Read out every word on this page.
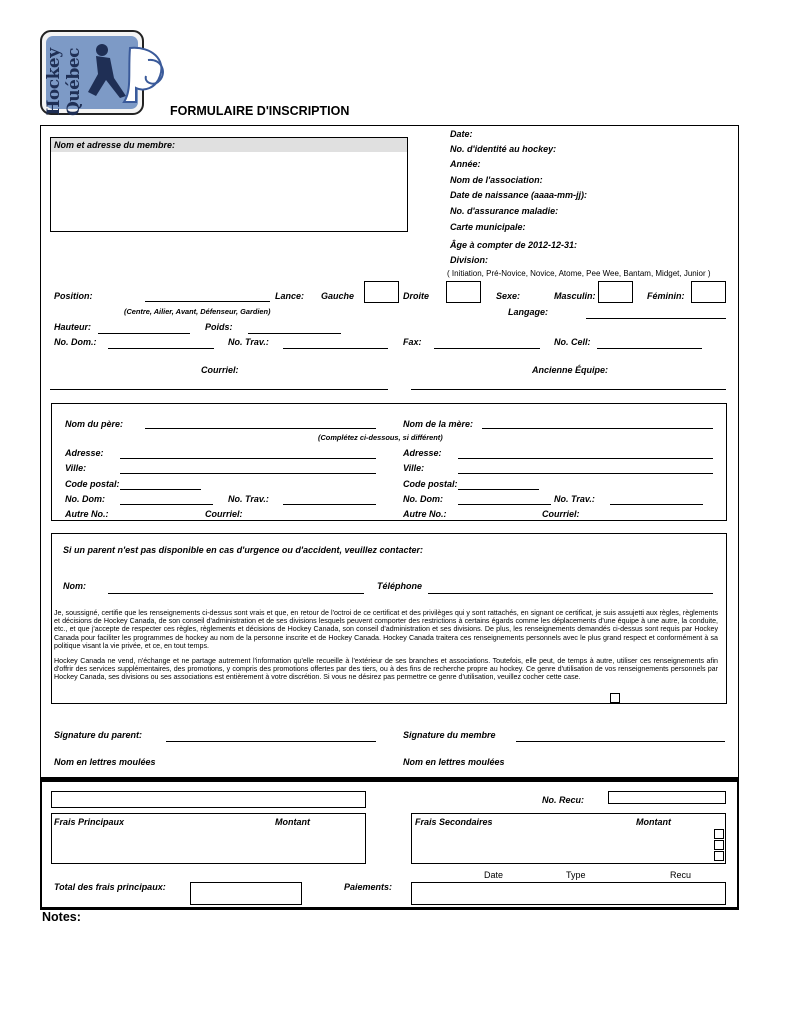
Hockey Québec	FORMULAIRE D'INSCRIPTION
Nom et adresse du membre:
Date:
No. d'identité au hockey:
Année:
Nom de l'association:
Date de naissance (aaaa-mm-jj):
No. d'assurance maladie:
Carte municipale:
Âge à compter de 2012-12-31:
Division:
( Initiation, Pré-Novice, Novice, Atome, Pee Wee, Bantam, Midget, Junior )
Position:
(Centre, Ailier, Avant, Défenseur, Gardien)
Lance: Gauche	Droite	Sexe:	Masculin:	Féminin:
Langage:
Hauteur:	Poids:
No. Dom.:	No. Trav.:	Fax:	No. Cell:
Courriel:	Ancienne Équipe:
Nom du père:	Nom de la mère:
(Complétez ci-dessous, si différent)
Adresse:	Adresse:
Ville:	Ville:
Code postal:	Code postal:
No. Dom:	No. Trav.:	No. Dom:	No. Trav.:
Autre No.:	Courriel:	Autre No.:	Courriel:
Si un parent n'est pas disponible en cas d'urgence ou d'accident, veuillez contacter:
Nom:	Téléphone
Je, soussigné, certifie que les renseignements ci-dessus sont vrais et que, en retour de l'octroi de ce certificat et des privilèges qui y sont rattachés, en signant ce certificat, je suis assujetti aux règles, règlements et décisions de Hockey Canada, de son conseil d'administration et de ses divisions lesquels peuvent comporter des restrictions à certains égards comme les déplacements d'une équipe à une autre, la conduite, etc., et que j'accepte de respecter ces règles, règlements et décisions de Hockey Canada, son conseil d'administration et ses divisions. De plus, les renseignements demandés ci-dessus sont requis par Hockey Canada pour faciliter les programmes de hockey au nom de la personne inscrite et de Hockey Canada. Hockey Canada traitera ces renseignements personnels avec le plus grand respect et conformément à sa politique visant la vie privée, et ce, en tout temps.
Hockey Canada ne vend, n'échange et ne partage autrement l'information qu'elle recueille à l'extérieur de ses branches et associations. Toutefois, elle peut, de temps à autre, utiliser ces renseignements afin d'offrir des services supplémentaires, des promotions, y compris des promotions offertes par des tiers, ou à des fins de recherche propre au hockey. Ce genre d'utilisation de vos renseignements personnels par Hockey Canada, ses divisions ou ses associations est entièrement à votre discrétion. Si vous ne désirez pas permettre ce genre d'utilisation, veuillez cocher cette case.
Signature du parent:	Signature du membre
Nom en lettres moulées	Nom en lettres moulées
No. Recu:
Frais Principaux	Montant	Frais Secondaires	Montant
Date	Type	Recu
Total des frais principaux:	Paiements:
Notes:
